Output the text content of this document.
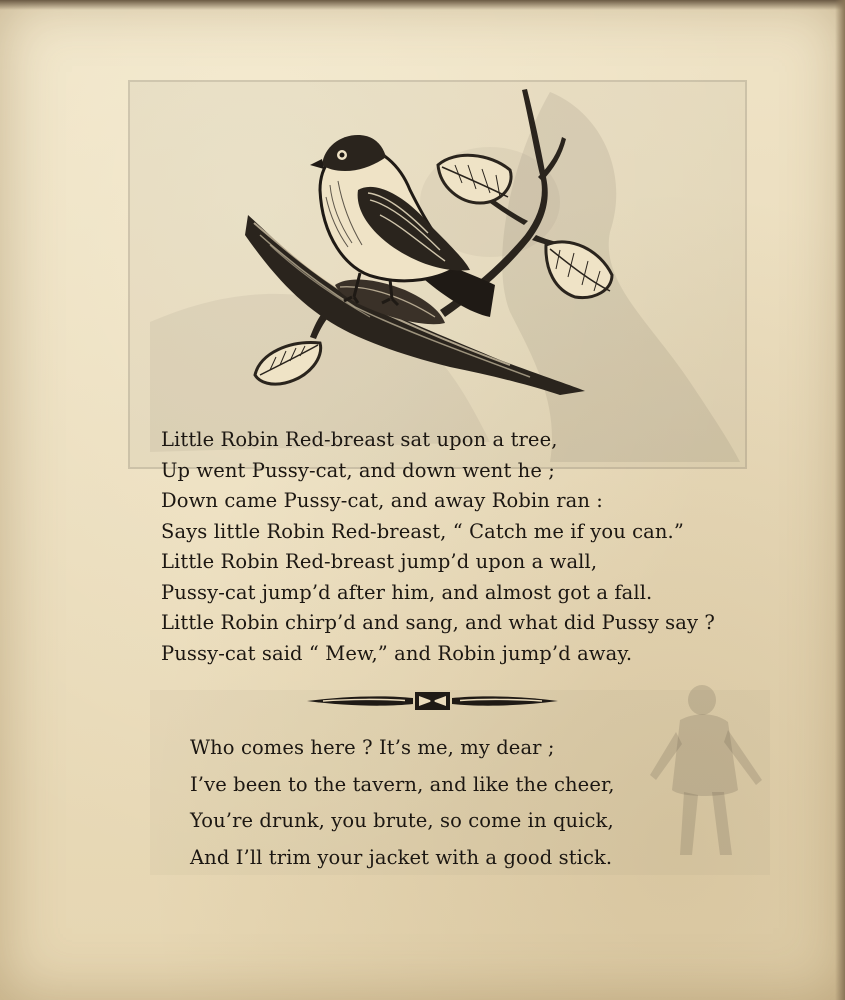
Little Robin Red-breast sat upon a tree,
Up went Pussy-cat, and down went he ;
Down came Pussy-cat, and away Robin ran :
Says little Robin Red-breast, “ Catch me if you can.”
Little Robin Red-breast jump’d upon a wall,
Pussy-cat jump’d after him, and almost got a fall.
Little Robin chirp’d and sang, and what did Pussy say ?
Pussy-cat said “ Mew,” and Robin jump’d away.
Who comes here ? It’s me, my dear ;
I’ve been to the tavern, and like the cheer,
You’re drunk, you brute, so come in quick,
And I’ll trim your jacket with a good stick.
